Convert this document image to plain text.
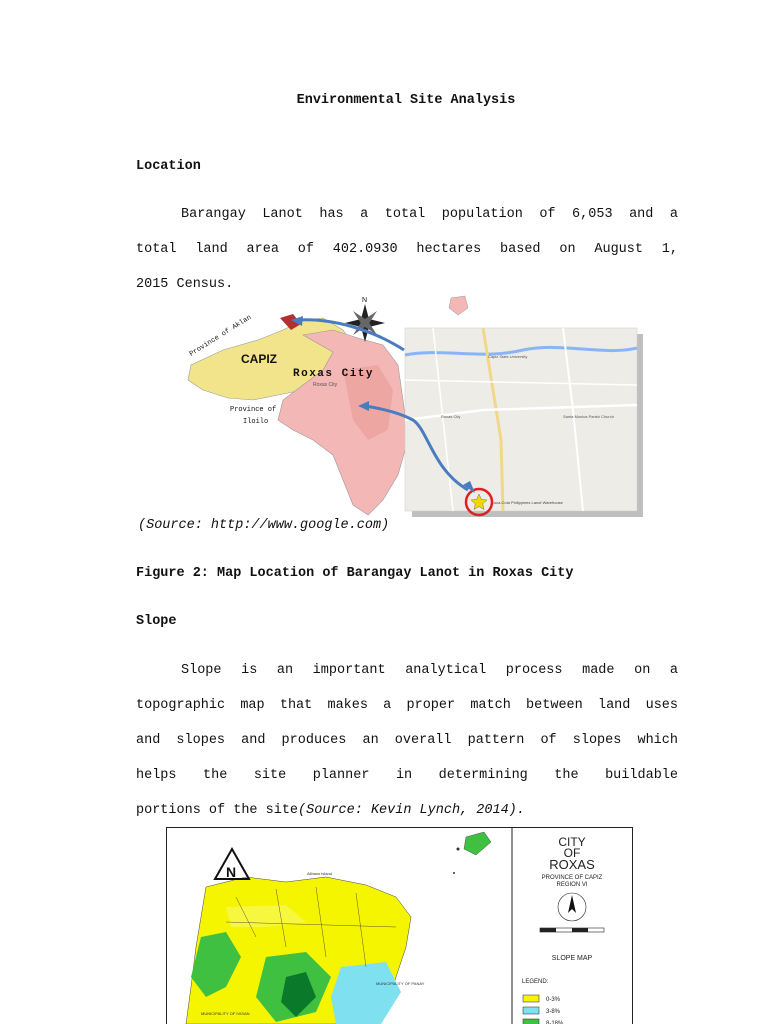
Environmental Site Analysis
Location
Barangay Lanot has a total population of 6,053 and a
total land area of 402.0930 hectares based on August 1,
2015 Census.
CAPIZ
Roxas City
Roxas City
Province of Aklan
Province of
Iloilo
N
Capiz State University
Roxas City	Santa Monica Parish Church
Coca-Cola Philippines Lanot Warehouse
(Source: http://www.google.com)
Figure 2: Map Location of Barangay Lanot in Roxas City
Slope
Slope is an important analytical process made on a
topographic map that makes a proper match between land uses
and slopes and produces an overall pattern of slopes which
helps the site planner in determining the buildable
portions of the site(Source: Kevin Lynch, 2014).
N	Alibaos Island
MUNICIPALITY OF PANAY
MUNICIPALITY OF IVISAN
CITY
OF
ROXAS
PROVINCE OF CAPIZ
REGION VI
SLOPE MAP
LEGEND:
0-3%
3-8%
8-18%
